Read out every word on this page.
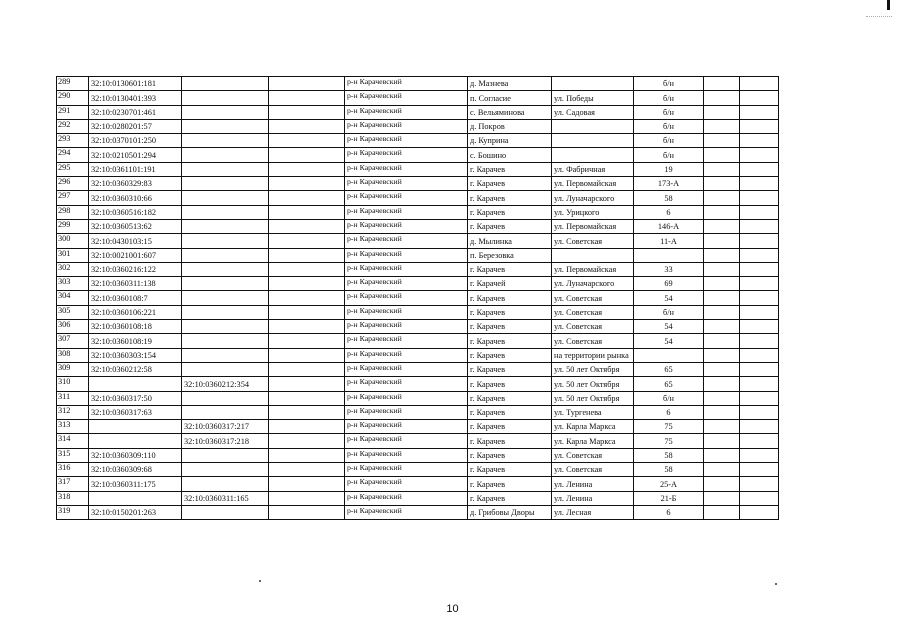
289	32:10:0130601:181			р-н Карачевский	д. Мазнева		б/н		
290	32:10:0130401:393			р-н Карачевский	п. Согласие	ул. Победы	б/н		
291	32:10:0230701:461			р-н Карачевский	с. Вельяминова	ул. Садовая	б/н		
292	32:10:0280201:57			р-н Карачевский	д. Покров		б/н		
293	32:10:0370101:250			р-н Карачевский	д. Куприна		б/н		
294	32:10:0210501:294			р-н Карачевский	с. Бошино		б/н		
295	32:10:0361101:191			р-н Карачевский	г. Карачев	ул. Фабричная	19		
296	32:10:0360329:83			р-н Карачевский	г. Карачев	ул. Первомайская	173-А		
297	32:10:0360310:66			р-н Карачевский	г. Карачев	ул. Луначарского	58		
298	32:10:0360516:182			р-н Карачевский	г. Карачев	ул. Урицкого	6		
299	32:10:0360513:62			р-н Карачевский	г. Карачев	ул. Первомайская	146-А		
300	32:10:0430103:15			р-н Карачевский	д. Мылинка	ул. Советская	11-А		
301	32:10:0021001:607			р-н Карачевский	п. Березовка				
302	32:10:0360216:122			р-н Карачевский	г. Карачев	ул. Первомайская	33		
303	32:10:0360311:138			р-н Карачевский	г. Карачей	ул. Луначарского	69		
304	32:10:0360108:7			р-н Карачевский	г. Карачев	ул. Советская	54		
305	32:10:0360106:221			р-н Карачевский	г. Карачев	ул. Советская	б/н		
306	32:10:0360108:18			р-н Карачевский	г. Карачев	ул. Советская	54		
307	32:10:0360108:19			р-н Карачевский	г. Карачев	ул. Советская	54		
308	32:10:0360303:154			р-н Карачевский	г. Карачев	на территории рынка			
309	32:10:0360212:58			р-н Карачевский	г. Карачев	ул. 50 лет Октября	65		
310		32:10:0360212:354		р-н Карачевский	г. Карачев	ул. 50 лет Октября	65		
311	32:10:0360317:50			р-н Карачевский	г. Карачев	ул. 50 лет Октября	б/н		
312	32:10:0360317:63			р-н Карачевский	г. Карачев	ул. Тургенева	6		
313		32:10:0360317:217		р-н Карачевский	г. Карачев	ул. Карла Маркса	75		
314		32:10:0360317:218		р-н Карачевский	г. Карачев	ул. Карла Маркса	75		
315	32:10:0360309:110			р-н Карачевский	г. Карачев	ул. Советская	58		
316	32:10:0360309:68			р-н Карачевский	г. Карачев	ул. Советская	58		
317	32:10:0360311:175			р-н Карачевский	г. Карачев	ул. Ленина	25-А		
318		32:10:0360311:165		р-н Карачевский	г. Карачев	ул. Ленина	21-Б		
319	32:10:0150201:263			р-н Карачевский	д. Грибовы Дворы	ул. Лесная	6		
10
